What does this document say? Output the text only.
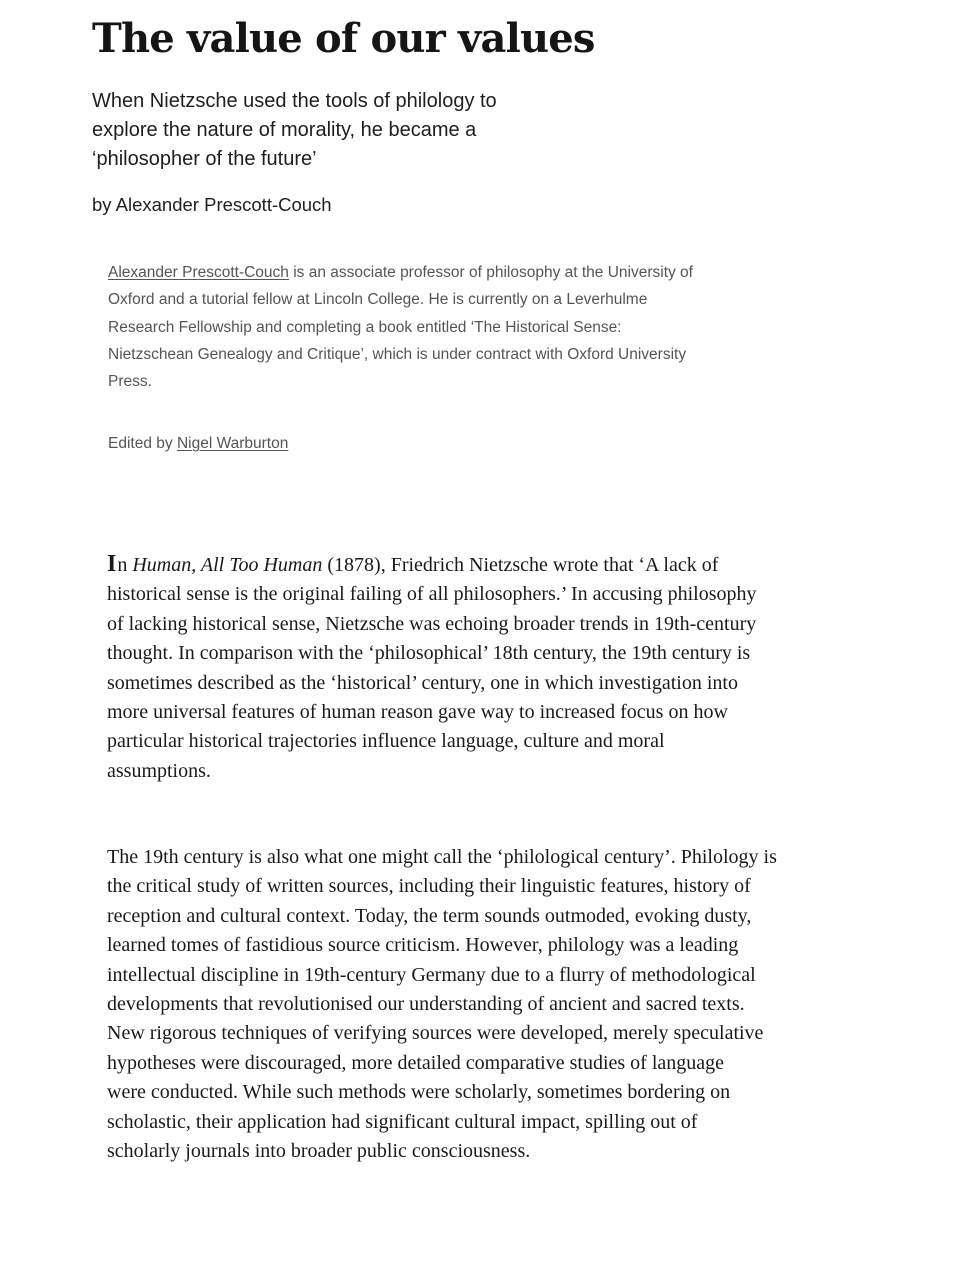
The value of our values

When Nietzsche used the tools of philology to
explore the nature of morality, he became a
‘philosopher of the future’

by Alexander Prescott-Couch

Alexander Prescott-Couch is an associate professor of philosophy at the University of
Oxford and a tutorial fellow at Lincoln College. He is currently on a Leverhulme
Research Fellowship and completing a book entitled ‘The Historical Sense:
Nietzschean Genealogy and Critique’, which is under contract with Oxford University
Press.

Edited by Nigel Warburton

In Human, All Too Human (1878), Friedrich Nietzsche wrote that ‘A lack of
historical sense is the original failing of all philosophers.’ In accusing philosophy
of lacking historical sense, Nietzsche was echoing broader trends in 19th-century
thought. In comparison with the ‘philosophical’ 18th century, the 19th century is
sometimes described as the ‘historical’ century, one in which investigation into
more universal features of human reason gave way to increased focus on how
particular historical trajectories influence language, culture and moral
assumptions.
The 19th century is also what one might call the ‘philological century’. Philology is
the critical study of written sources, including their linguistic features, history of
reception and cultural context. Today, the term sounds outmoded, evoking dusty,
learned tomes of fastidious source criticism. However, philology was a leading
intellectual discipline in 19th-century Germany due to a flurry of methodological
developments that revolutionised our understanding of ancient and sacred texts.
New rigorous techniques of verifying sources were developed, merely speculative
hypotheses were discouraged, more detailed comparative studies of language
were conducted. While such methods were scholarly, sometimes bordering on
scholastic, their application had significant cultural impact, spilling out of
scholarly journals into broader public consciousness.
